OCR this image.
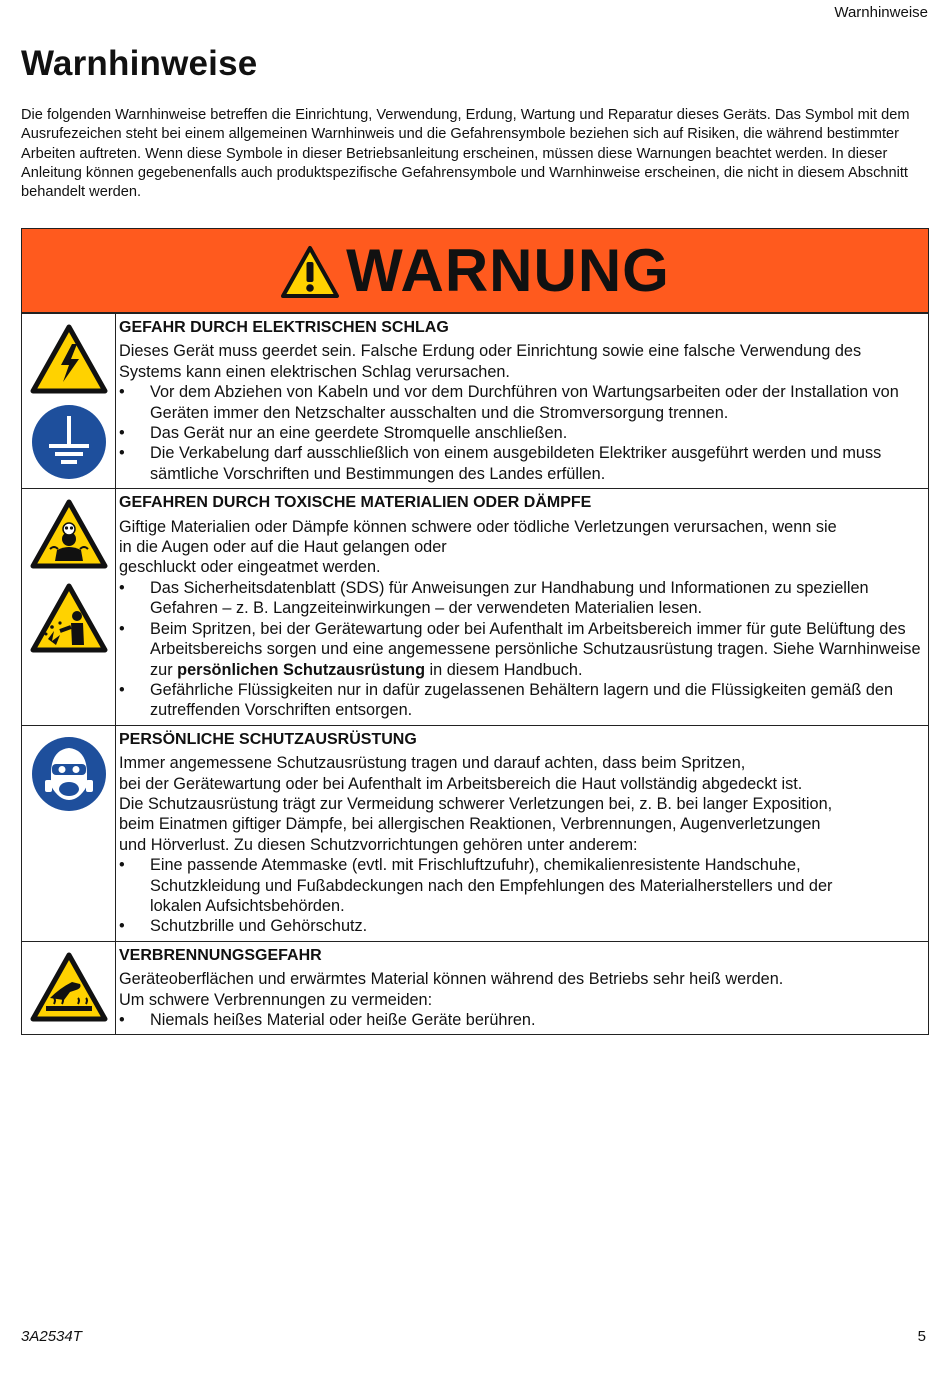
Warnhinweise
Warnhinweise

Die folgenden Warnhinweise betreffen die Einrichtung, Verwendung, Erdung, Wartung und Reparatur dieses Geräts. Das Symbol mit dem Ausrufezeichen steht bei einem allgemeinen Warnhinweis und die Gefahrensymbole beziehen sich auf Risiken, die während bestimmter Arbeiten auftreten. Wenn diese Symbole in dieser Betriebsanleitung erscheinen, müssen diese Warnungen beachtet werden. In dieser Anleitung können gegebenenfalls auch produktspezifische Gefahrensymbole und Warnhinweise erscheinen, die nicht in diesem Abschnitt behandelt werden.

WARNUNG
GEFAHR DURCH ELEKTRISCHEN SCHLAG

Dieses Gerät muss geerdet sein. Falsche Erdung oder Einrichtung sowie eine falsche Verwendung des Systems kann einen elektrischen Schlag verursachen.

• Vor dem Abziehen von Kabeln und vor dem Durchführen von Wartungsarbeiten oder der Installation von Geräten immer den Netzschalter ausschalten und die Stromversorgung trennen.
• Das Gerät nur an eine geerdete Stromquelle anschließen.
• Die Verkabelung darf ausschließlich von einem ausgebildeten Elektriker ausgeführt werden und muss sämtliche Vorschriften und Bestimmungen des Landes erfüllen.
GEFAHREN DURCH TOXISCHE MATERIALIEN ODER DÄMPFE

Giftige Materialien oder Dämpfe können schwere oder tödliche Verletzungen verursachen, wenn sie

in die Augen oder auf die Haut gelangen oder

geschluckt oder eingeatmet werden.

• Das Sicherheitsdatenblatt (SDS) für Anweisungen zur Handhabung und Informationen zu speziellen Gefahren – z. B. Langzeiteinwirkungen – der verwendeten Materialien lesen.
• Beim Spritzen, bei der Gerätewartung oder bei Aufenthalt im Arbeitsbereich immer für gute Belüftung des Arbeitsbereichs sorgen und eine angemessene persönliche Schutzausrüstung tragen. Siehe Warnhinweise zur persönlichen Schutzausrüstung in diesem Handbuch.
• Gefährliche Flüssigkeiten nur in dafür zugelassenen Behältern lagern und die Flüssigkeiten gemäß den zutreffenden Vorschriften entsorgen.
PERSÖNLICHE SCHUTZAUSRÜSTUNG

Immer angemessene Schutzausrüstung tragen und darauf achten, dass beim Spritzen,

bei der Gerätewartung oder bei Aufenthalt im Arbeitsbereich die Haut vollständig abgedeckt ist.

Die Schutzausrüstung trägt zur Vermeidung schwerer Verletzungen bei, z. B. bei langer Exposition,

beim Einatmen giftiger Dämpfe, bei allergischen Reaktionen, Verbrennungen, Augenverletzungen

und Hörverlust. Zu diesen Schutzvorrichtungen gehören unter anderem:

• Eine passende Atemmaske (evtl. mit Frischluftzufuhr), chemikalienresistente Handschuhe, Schutzkleidung und Fußabdeckungen nach den Empfehlungen des Materialherstellers und der lokalen Aufsichtsbehörden.
• Schutzbrille und Gehörschutz.
VERBRENNUNGSGEFAHR

Geräteoberflächen und erwärmtes Material können während des Betriebs sehr heiß werden.

Um schwere Verbrennungen zu vermeiden:

• Niemals heißes Material oder heiße Geräte berühren.
3A2534T	5
